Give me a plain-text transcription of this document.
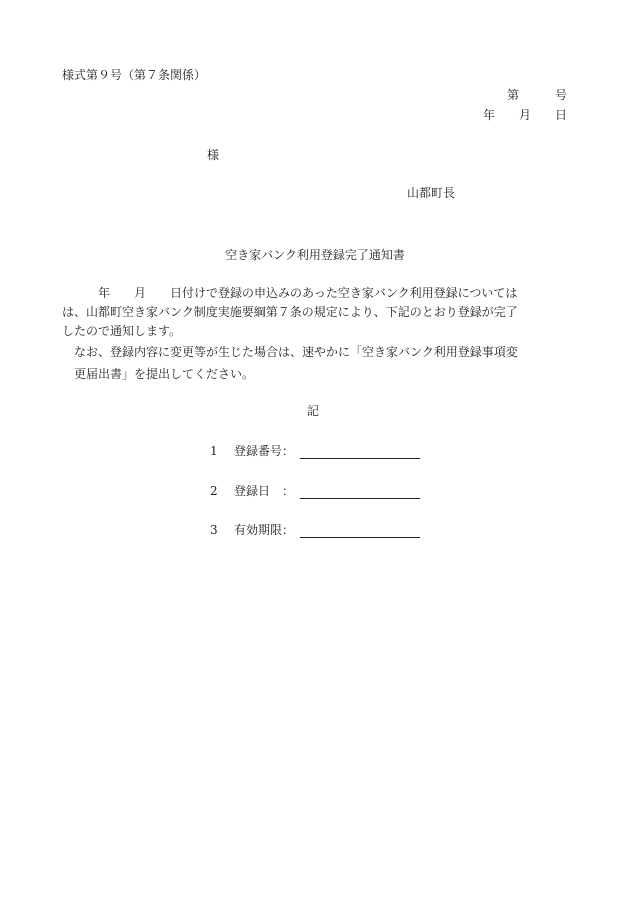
様式第９号（第７条関係）
第　　　号
年　　月　　日
様
山都町長
空き家バンク利用登録完了通知書
年　　月　　日付けで登録の申込みのあった空き家バンク利用登録については
は、山都町空き家バンク制度実施要綱第７条の規定により、下記のとおり登録が完了
したので通知します。
なお、登録内容に変更等が生じた場合は、速やかに「空き家バンク利用登録事項変
更届出書」を提出してください。
記
1 登録番号：
2 登録日　：
3 有効期限：
